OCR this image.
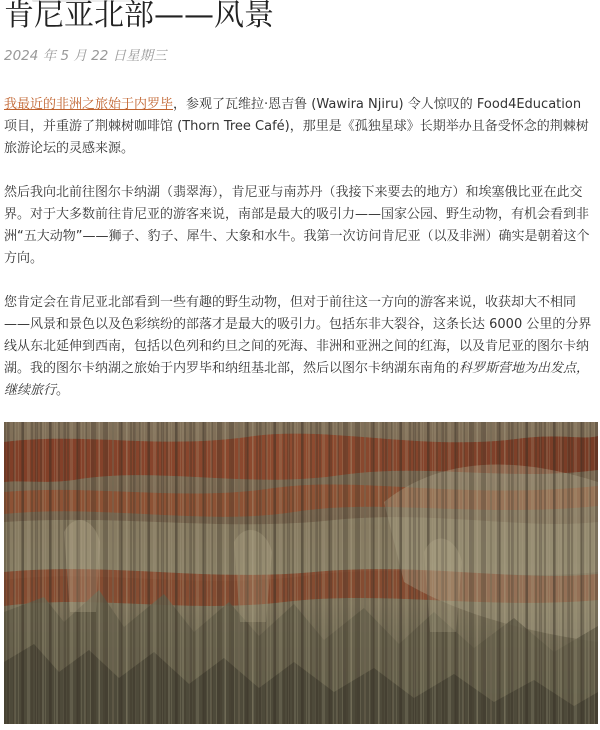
肯尼亚北部——风景
2024 年 5 月 22 日星期三

我最近的非洲之旅始于内罗毕，参观了瓦维拉·恩吉鲁 (Wawira Njiru) 令人惊叹的 Food4Education 项目，并重游了荆棘树咖啡馆 (Thorn Tree Café)，那里是《孤独星球》长期举办且备受怀念的荆棘树旅游论坛的灵感来源。

然后我向北前往图尔卡纳湖（翡翠海），肯尼亚与南苏丹（我接下来要去的地方）和埃塞俄比亚在此交界。对于大多数前往肯尼亚的游客来说，南部是最大的吸引力——国家公园、野生动物，有机会看到非洲“五大动物”——狮子、豹子、犀牛、大象和水牛。我第一次访问肯尼亚（以及非洲）确实是朝着这个方向。

您肯定会在肯尼亚北部看到一些有趣的野生动物，但对于前往这一方向的游客来说，收获却大不相同——风景和景色以及色彩缤纷的部落才是最大的吸引力。包括东非大裂谷，这条长达 6000 公里的分界线从东北延伸到西南，包括以色列和约旦之间的死海、非洲和亚洲之间的红海，以及肯尼亚的图尔卡纳湖。我的图尔卡纳湖之旅始于内罗毕和纳纽基北部，然后以图尔卡纳湖东南角的科罗斯营地为出发点，继续旅行。
